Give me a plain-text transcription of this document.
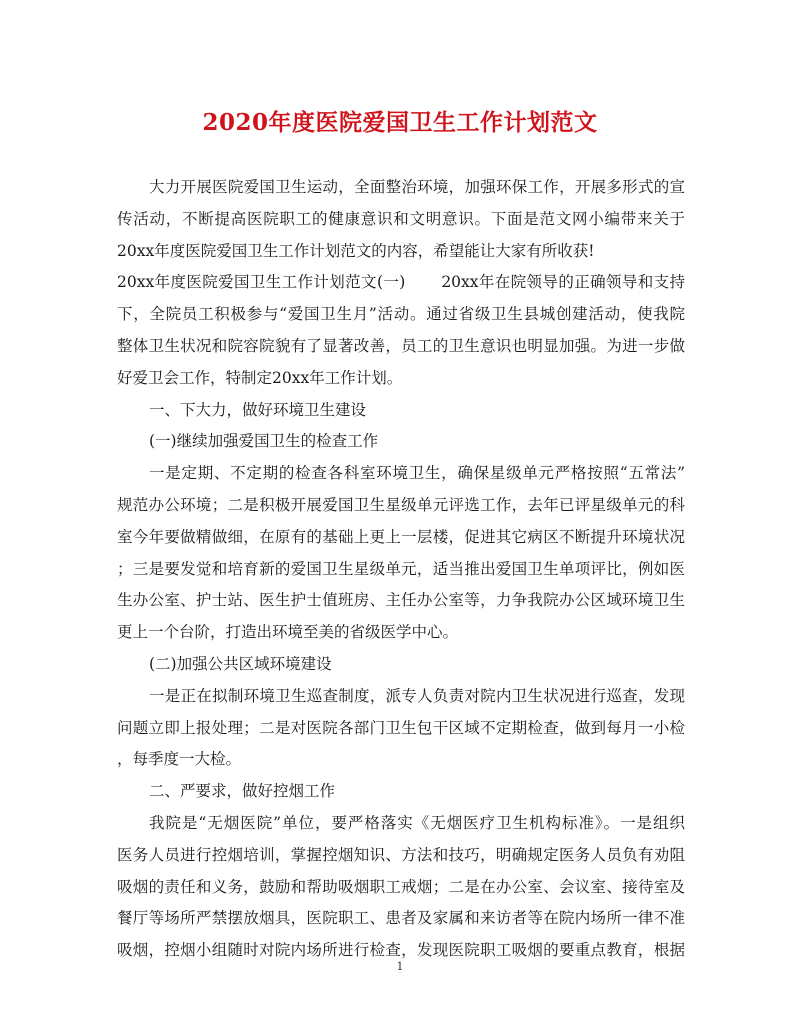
2020年度医院爱国卫生工作计划范文

大力开展医院爱国卫生运动，全面整治环境，加强环保工作，开展多形式的宣

传活动，不断提高医院职工的健康意识和文明意识。下面是范文网小编带来关于

20xx年度医院爱国卫生工作计划范文的内容，希望能让大家有所收获!

20xx年度医院爱国卫生工作计划范文(一) 20xx年在院领导的正确领导和支持

下，全院员工积极参与“爱国卫生月”活动。通过省级卫生县城创建活动，使我院

整体卫生状况和院容院貌有了显著改善，员工的卫生意识也明显加强。为进一步做

好爱卫会工作，特制定20xx年工作计划。

一、下大力，做好环境卫生建设

(一)继续加强爱国卫生的检查工作

一是定期、不定期的检查各科室环境卫生，确保星级单元严格按照“五常法”

规范办公环境；二是积极开展爱国卫生星级单元评选工作，去年已评星级单元的科

室今年要做精做细，在原有的基础上更上一层楼，促进其它病区不断提升环境状况

；三是要发觉和培育新的爱国卫生星级单元，适当推出爱国卫生单项评比，例如医

生办公室、护士站、医生护士值班房、主任办公室等，力争我院办公区域环境卫生

更上一个台阶，打造出环境至美的省级医学中心。

(二)加强公共区域环境建设

一是正在拟制环境卫生巡查制度，派专人负责对院内卫生状况进行巡查，发现

问题立即上报处理；二是对医院各部门卫生包干区域不定期检查，做到每月一小检

，每季度一大检。

二、严要求，做好控烟工作

我院是“无烟医院”单位，要严格落实《无烟医疗卫生机构标准》。一是组织

医务人员进行控烟培训，掌握控烟知识、方法和技巧，明确规定医务人员负有劝阻

吸烟的责任和义务，鼓励和帮助吸烟职工戒烟；二是在办公室、会议室、接待室及

餐厅等场所严禁摆放烟具，医院职工、患者及家属和来访者等在院内场所一律不准

吸烟，控烟小组随时对院内场所进行检查，发现医院职工吸烟的要重点教育，根据

1
